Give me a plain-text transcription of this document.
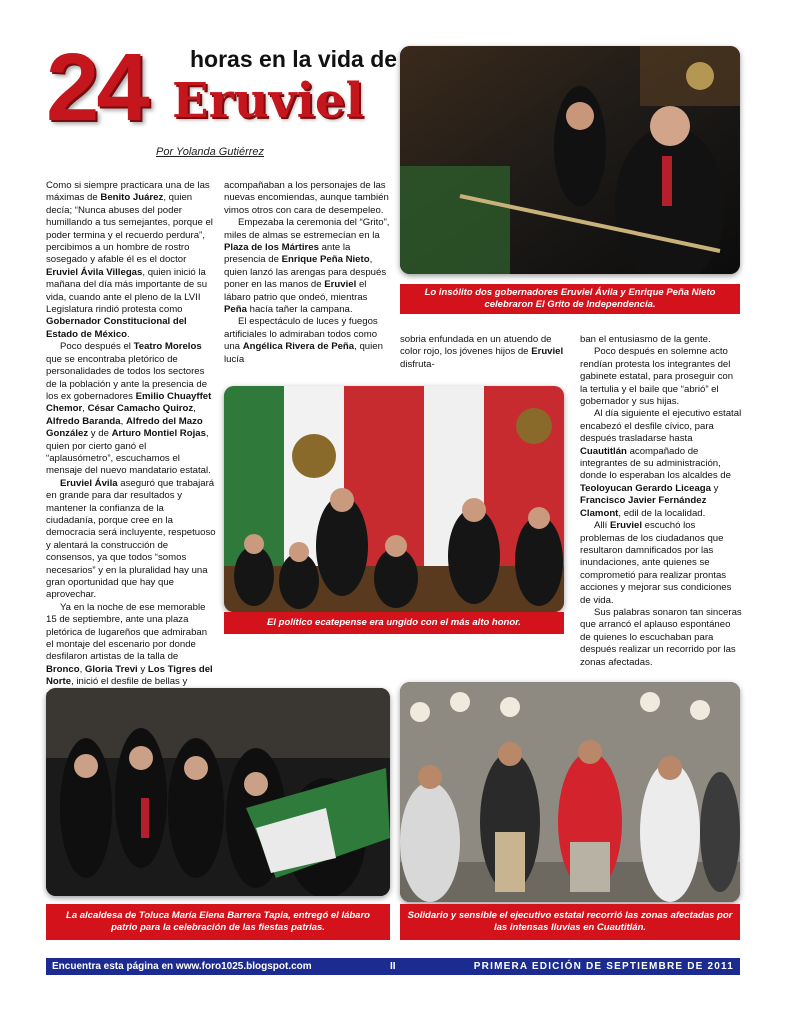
24 horas en la vida de
Eruviel
Por Yolanda Gutiérrez

Como si siempre practicara una de las máximas de Benito Juárez, quien decía; “Nunca abuses del poder humillando a tus semejantes, porque el poder termina y el recuerdo perdura”, percibimos a un hombre de rostro sosegado y afable él es el doctor Eruviel Ávila Villegas, quien inició la mañana del día más importante de su vida, cuando ante el pleno de la LVII Legislatura rindió protesta como Gobernador Constitucional del Estado de México.

Poco después el Teatro Morelos que se encontraba pletórico de personalidades de todos los sectores de la población y ante la presencia de los ex gobernadores Emilio Chuayffet Chemor, César Camacho Quiroz, Alfredo Baranda, Alfredo del Mazo González y de Arturo Montiel Rojas, quien por cierto ganó el “aplausómetro”, escuchamos el mensaje del nuevo mandatario estatal.

Eruviel Ávila aseguró que trabajará en grande para dar resultados y mantener la confianza de la ciudadanía, porque cree en la democracia será incluyente, respetuoso y alentará la construcción de consensos, ya que todos “somos necesarios” y en la pluralidad hay una gran oportunidad que hay que aprovechar.

Ya en la noche de ese memorable 15 de septiembre, ante una plaza pletórica de lugareños que admiraban el montaje del escenario por donde desfilaron artistas de la talla de Bronco, Gloria Trevi y Los Tigres del Norte, inició el desfile de bellas y

acompañaban a los personajes de las nuevas encomiendas, aunque también vimos otros con cara de desempeleo.

Empezaba la ceremonia del “Grito”, miles de almas se estremecían en la Plaza de los Mártires ante la presencia de Enrique Peña Nieto, quien lanzó las arengas para después poner en las manos de Eruviel el lábaro patrio que ondeó, mientras Peña hacía tañer la campana.

El espectáculo de luces y fuegos artificiales lo admiraban todos como una Angélica Rivera de Peña, quien lucía

sobria enfundada en un atuendo de color rojo, los jóvenes hijos de Eruviel disfruta-

ban el entusiasmo de la gente.

Poco después en solemne acto rendían protesta los integrantes del gabinete estatal, para proseguir con la tertulia y el baile que “abrió” el gobernador y sus hijas.

Al día siguiente el ejecutivo estatal encabezó el desfile cívico, para después trasladarse hasta Cuautitlán acompañado de integrantes de su administración, donde lo esperaban los alcaldes de Teoloyucan Gerardo Liceaga y Francisco Javier Fernández Clamont, edil de la localidad.

Allí Eruviel escuchó los problemas de los ciudadanos que resultaron damnificados por las inundaciones, ante quienes se comprometió para realizar prontas acciones y mejorar sus condiciones de vida.

Sus palabras sonaron tan sinceras que arrancó el aplauso espontáneo de quienes lo escuchaban para después realizar un recorrido por las zonas afectadas.

Lo insólito dos gobernadores Eruviel Ávila y Enrique Peña Nieto celebraron El Grito de Independencia.
El político ecatepense era ungido con el más alto honor.
La alcaldesa de Toluca María Elena Barrera Tapia, entregó el lábaro patrio para la celebración de las fiestas patrias.
Solidario y sensible el ejecutivo estatal recorrió las zonas afectadas por las intensas lluvias en Cuautitlán.
Encuentra esta página en www.foro1025.blogspot.com	II	PRIMERA EDICIÓN DE SEPTIEMBRE DE 2011
